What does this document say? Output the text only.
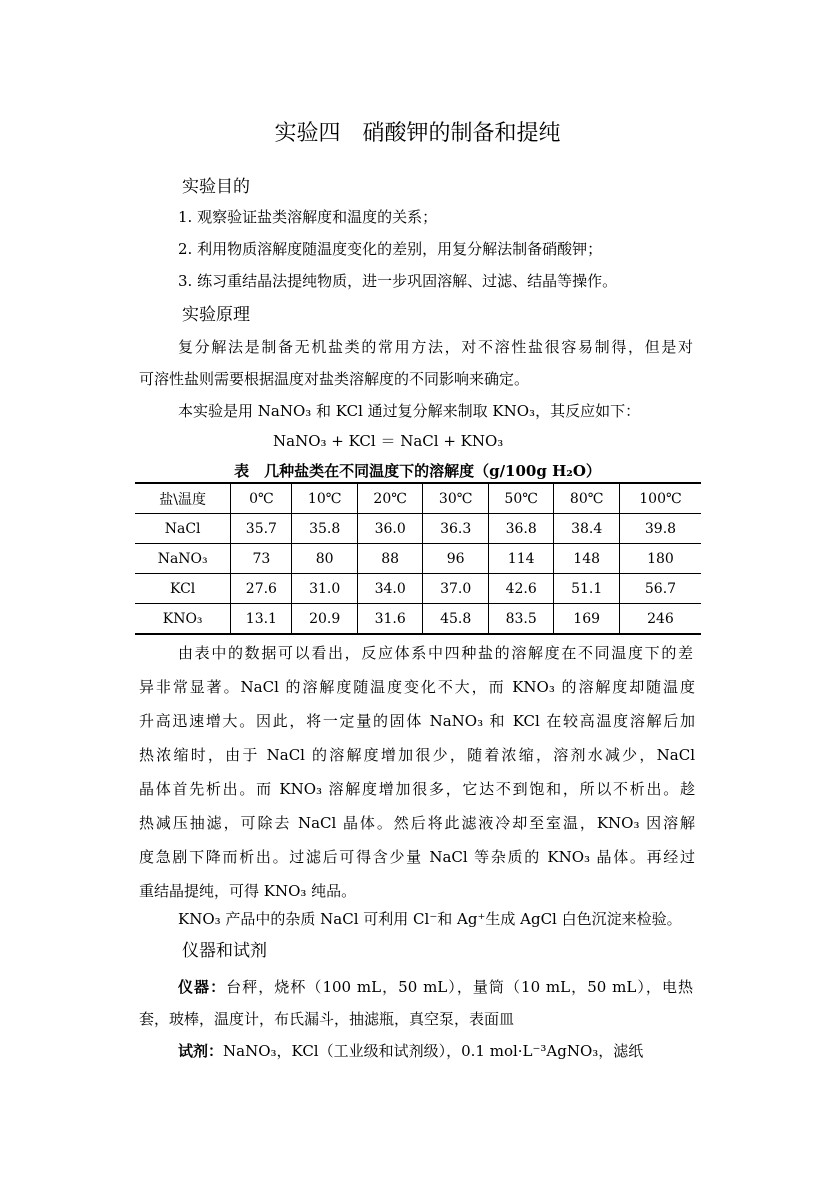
实验四　硝酸钾的制备和提纯
实验目的
1. 观察验证盐类溶解度和温度的关系；
2. 利用物质溶解度随温度变化的差别，用复分解法制备硝酸钾；
3. 练习重结晶法提纯物质，进一步巩固溶解、过滤、结晶等操作。
实验原理
复分解法是制备无机盐类的常用方法，对不溶性盐很容易制得，但是对
可溶性盐则需要根据温度对盐类溶解度的不同影响来确定。
本实验是用 NaNO₃ 和 KCl 通过复分解来制取 KNO₃，其反应如下：
NaNO₃ + KCl ＝ NaCl + KNO₃
表　几种盐类在不同温度下的溶解度（g/100g H₂O）
盐\温度	0℃	10℃	20℃	30℃	50℃	80℃	100℃
NaCl	35.7	35.8	36.0	36.3	36.8	38.4	39.8
NaNO₃	73	80	88	96	114	148	180
KCl	27.6	31.0	34.0	37.0	42.6	51.1	56.7
KNO₃	13.1	20.9	31.6	45.8	83.5	169	246
由表中的数据可以看出，反应体系中四种盐的溶解度在不同温度下的差
异非常显著。NaCl 的溶解度随温度变化不大，而 KNO₃ 的溶解度却随温度
升高迅速增大。因此，将一定量的固体 NaNO₃ 和 KCl 在较高温度溶解后加
热浓缩时，由于 NaCl 的溶解度增加很少，随着浓缩，溶剂水减少，NaCl
晶体首先析出。而 KNO₃ 溶解度增加很多，它达不到饱和，所以不析出。趁
热减压抽滤，可除去 NaCl 晶体。然后将此滤液冷却至室温，KNO₃ 因溶解
度急剧下降而析出。过滤后可得含少量 NaCl 等杂质的 KNO₃ 晶体。再经过
重结晶提纯，可得 KNO₃ 纯品。
KNO₃ 产品中的杂质 NaCl 可利用 Cl⁻和 Ag⁺生成 AgCl 白色沉淀来检验。
仪器和试剂
仪器：台秤，烧杯（100 mL，50 mL），量筒（10 mL，50 mL），电热
套，玻棒，温度计，布氏漏斗，抽滤瓶，真空泵，表面皿
试剂：NaNO₃，KCl（工业级和试剂级），0.1 mol·L⁻³AgNO₃，滤纸
